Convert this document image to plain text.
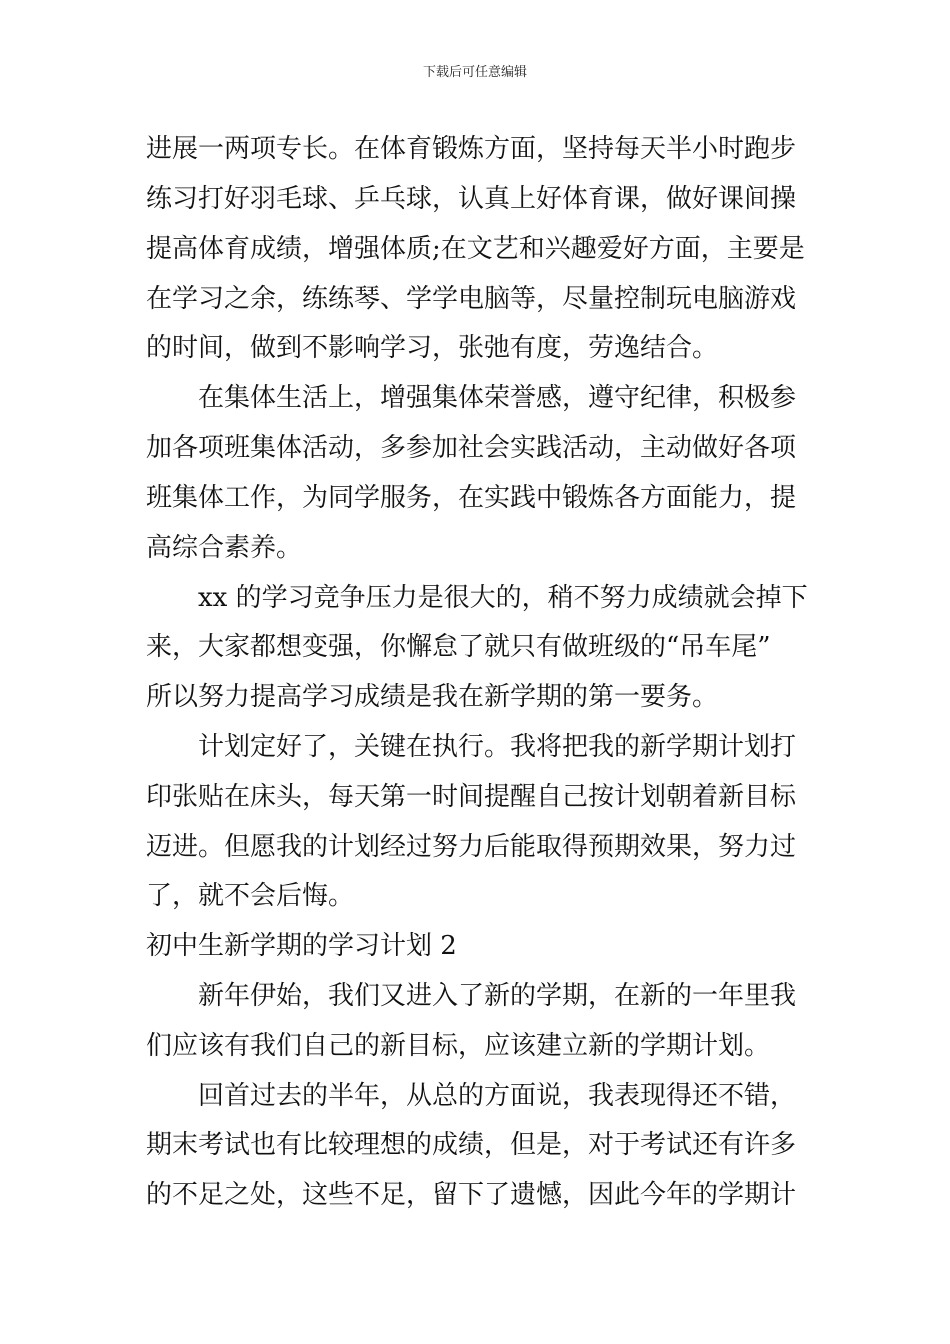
下载后可任意编辑
进展一两项专长。在体育锻炼方面，坚持每天半小时跑步
练习打好羽毛球、乒乓球，认真上好体育课，做好课间操
提高体育成绩，增强体质;在文艺和兴趣爱好方面，主要是
在学习之余，练练琴、学学电脑等，尽量控制玩电脑游戏
的时间，做到不影响学习，张弛有度，劳逸结合。
在集体生活上，增强集体荣誉感，遵守纪律，积极参
加各项班集体活动，多参加社会实践活动，主动做好各项
班集体工作，为同学服务，在实践中锻炼各方面能力，提
高综合素养。
xx 的学习竞争压力是很大的，稍不努力成绩就会掉下
来，大家都想变强，你懈怠了就只有做班级的“吊车尾”
所以努力提高学习成绩是我在新学期的第一要务。
计划定好了，关键在执行。我将把我的新学期计划打
印张贴在床头，每天第一时间提醒自己按计划朝着新目标
迈进。但愿我的计划经过努力后能取得预期效果，努力过
了，就不会后悔。
初中生新学期的学习计划 2
新年伊始，我们又进入了新的学期，在新的一年里我
们应该有我们自己的新目标，应该建立新的学期计划。
回首过去的半年，从总的方面说，我表现得还不错，
期末考试也有比较理想的成绩，但是，对于考试还有许多
的不足之处，这些不足，留下了遗憾，因此今年的学期计
